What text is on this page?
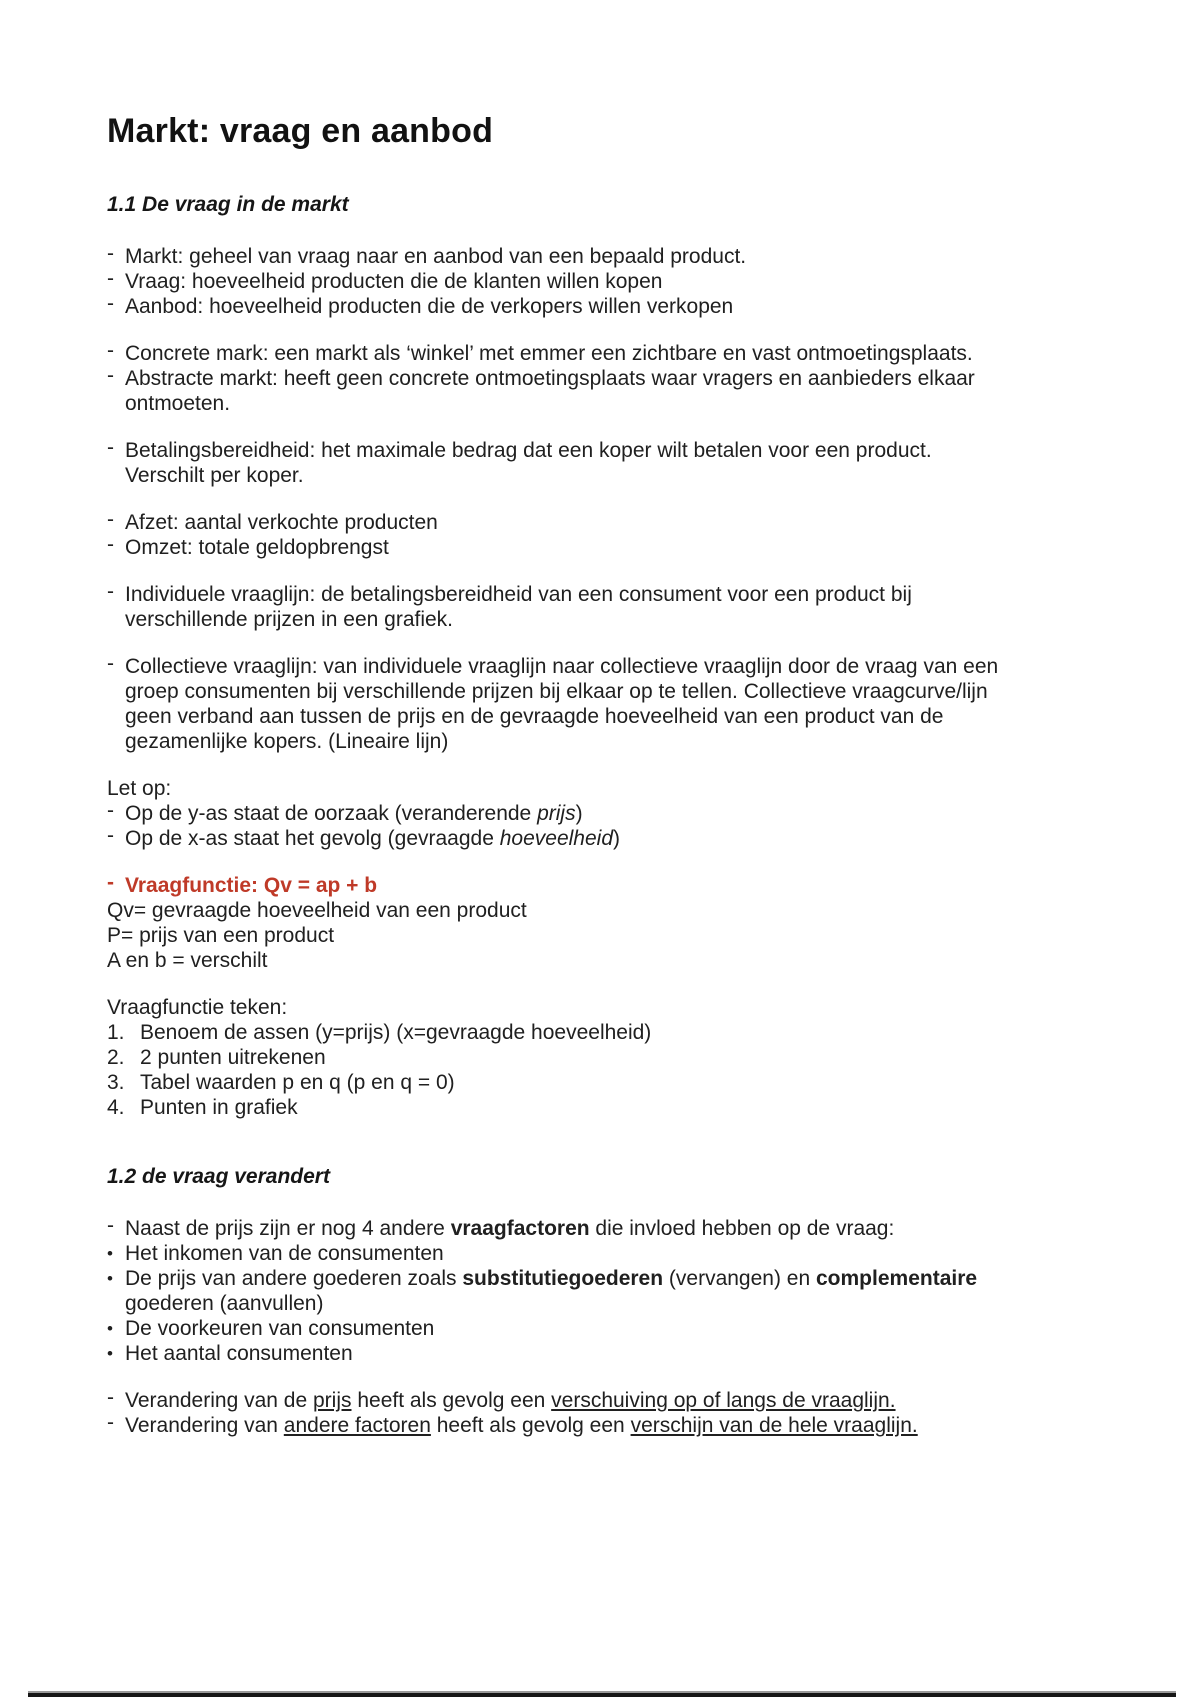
Markt: vraag en aanbod
1.1 De vraag in de markt
- Markt: geheel van vraag naar en aanbod van een bepaald product.
- Vraag: hoeveelheid producten die de klanten willen kopen
- Aanbod: hoeveelheid producten die de verkopers willen verkopen
- Concrete mark: een markt als ‘winkel’ met emmer een zichtbare en vast ontmoetingsplaats.
- Abstracte markt: heeft geen concrete ontmoetingsplaats waar vragers en aanbieders elkaar
ontmoeten.
- Betalingsbereidheid: het maximale bedrag dat een koper wilt betalen voor een product.
Verschilt per koper.
- Afzet: aantal verkochte producten
- Omzet: totale geldopbrengst
- Individuele vraaglijn: de betalingsbereidheid van een consument voor een product bij
verschillende prijzen in een grafiek.
- Collectieve vraaglijn: van individuele vraaglijn naar collectieve vraaglijn door de vraag van een
groep consumenten bij verschillende prijzen bij elkaar op te tellen. Collectieve vraagcurve/lijn
geen verband aan tussen de prijs en de gevraagde hoeveelheid van een product van de
gezamenlijke kopers. (Lineaire lijn)
Let op:
- Op de y-as staat de oorzaak (veranderende prijs)
- Op de x-as staat het gevolg (gevraagde hoeveelheid)
- Vraagfunctie: Qv = ap + b
Qv= gevraagde hoeveelheid van een product
P= prijs van een product
A en b = verschilt
Vraagfunctie teken:
1. Benoem de assen (y=prijs) (x=gevraagde hoeveelheid)
2. 2 punten uitrekenen
3. Tabel waarden p en q (p en q = 0)
4. Punten in grafiek
1.2 de vraag verandert
- Naast de prijs zijn er nog 4 andere vraagfactoren die invloed hebben op de vraag:
• Het inkomen van de consumenten
• De prijs van andere goederen zoals substitutiegoederen (vervangen) en complementaire
goederen (aanvullen)
• De voorkeuren van consumenten
• Het aantal consumenten
- Verandering van de prijs heeft als gevolg een verschuiving op of langs de vraaglijn.
- Verandering van andere factoren heeft als gevolg een verschijn van de hele vraaglijn.
